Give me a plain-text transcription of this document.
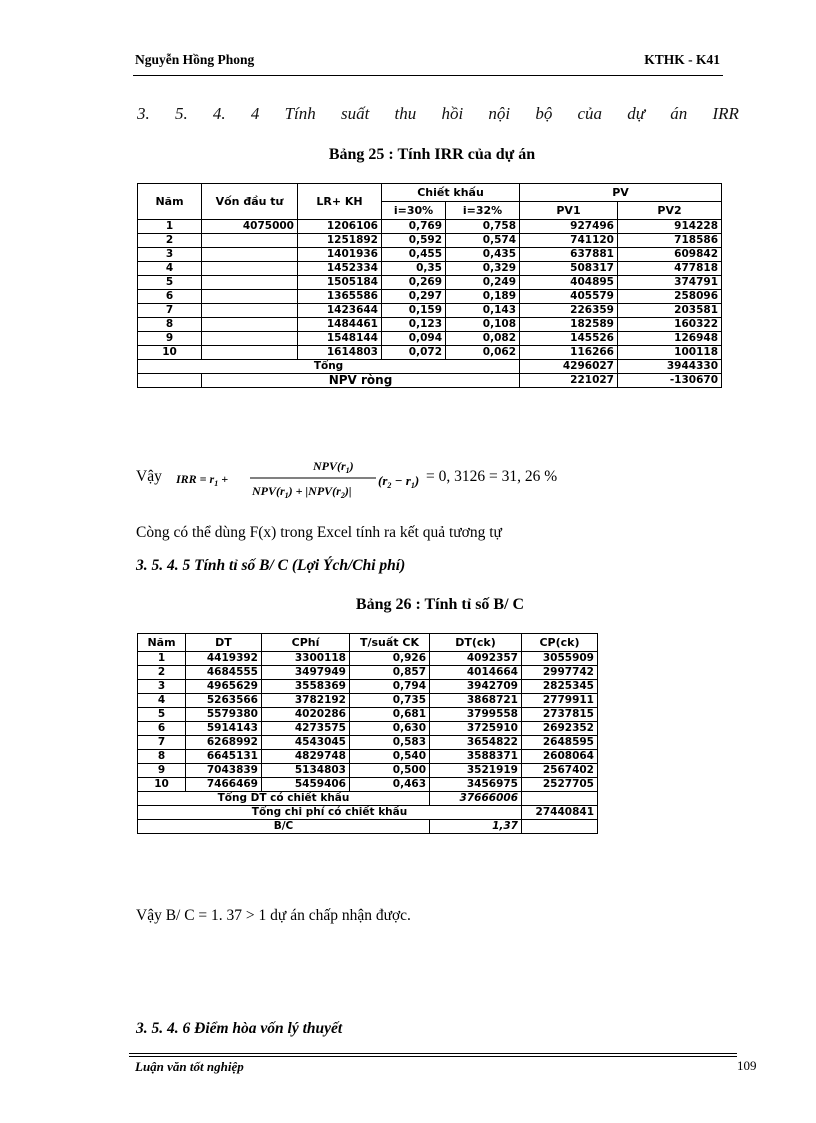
Nguyễn Hồng Phong	KTHK - K41
3. 5. 4. 4 Tính suất thu hồi nội bộ của dự án IRR
Bảng 25 : Tính IRR của dự án
Năm	Vốn đầu tư	LR+ KH	Chiết khấu		PV	
			i=30%	i=32%	PV1	PV2
1	4075000	1206106	0,769	0,758	927496	914228
2		1251892	0,592	0,574	741120	718586
3		1401936	0,455	0,435	637881	609842
4		1452334	0,35	0,329	508317	477818
5		1505184	0,269	0,249	404895	374791
6		1365586	0,297	0,189	405579	258096
7		1423644	0,159	0,143	226359	203581
8		1484461	0,123	0,108	182589	160322
9		1548144	0,094	0,082	145526	126948
10		1614803	0,072	0,062	116266	100118
Tổng					4296027	3944330
	NPV ròng				221027	-130670
Vậy IRR = $r_1$ +
$NPV(r_1)$
$NPV(r_1) + |NPV(r_2)|$
$(r_2 - r_1) = 0$, 3126 = 31, 26 %
Còng có thể dùng F(x) trong Excel tính ra kết quả tương tự
3. 5. 4. 5 Tính tỉ số B/ C (Lợi Ých/Chi phí)
Bảng 26 : Tính tỉ số B/ C
Năm	DT	CPhí	T/suất CK	DT(ck)	CP(ck)
1	4419392	3300118	0,926	4092357	3055909
2	4684555	3497949	0,857	4014664	2997742
3	4965629	3558369	0,794	3942709	2825345
4	5263566	3782192	0,735	3868721	2779911
5	5579380	4020286	0,681	3799558	2737815
6	5914143	4273575	0,630	3725910	2692352
7	6268992	4543045	0,583	3654822	2648595
8	6645131	4829748	0,540	3588371	2608064
9	7043839	5134803	0,500	3521919	2567402
10	7466469	5459406	0,463	3456975	2527705
Tổng DT có chiết khấu				37666006	
Tổng chi phí có chiết khấu					27440841
B/C				1,37	
Vậy B/ C = 1. 37 > 1 dự án chấp nhận được.
3. 5. 4. 6 Điểm hòa vốn lý thuyết
Luận văn tốt nghiệp	109
